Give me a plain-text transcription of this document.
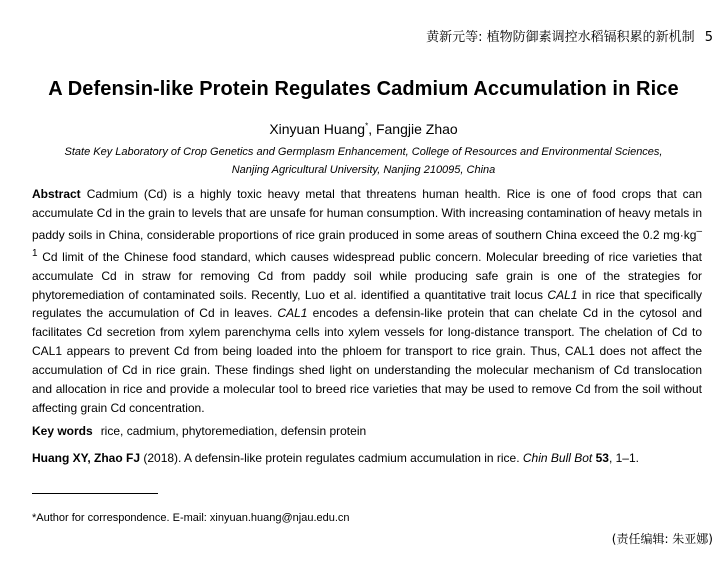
黄新元等: 植物防御素调控水稻镉积累的新机制 5
A Defensin-like Protein Regulates Cadmium Accumulation in Rice
Xinyuan Huang*, Fangjie Zhao
State Key Laboratory of Crop Genetics and Germplasm Enhancement, College of Resources and Environmental Sciences,
Nanjing Agricultural University, Nanjing 210095, China
Abstract Cadmium (Cd) is a highly toxic heavy metal that threatens human health. Rice is one of food crops that can accumulate Cd in the grain to levels that are unsafe for human consumption. With increasing contamination of heavy metals in paddy soils in China, considerable proportions of rice grain produced in some areas of southern China exceed the 0.2 $mg\cdot kg^{-1}$ Cd limit of the Chinese food standard, which causes widespread public concern. Molecular breeding of rice varieties that accumulate Cd in straw for removing Cd from paddy soil while producing safe grain is one of the strategies for phytoremediation of contaminated soils. Recently, Luo et al. identified a quantitative trait locus CAL1 in rice that specifically regulates the accumulation of Cd in leaves. CAL1 encodes a defensin-like protein that can chelate Cd in the cytosol and facilitates Cd secretion from xylem parenchyma cells into xylem vessels for long-distance transport. The chelation of Cd to CAL1 appears to prevent Cd from being loaded into the phloem for transport to rice grain. Thus, CAL1 does not affect the accumulation of Cd in rice grain. These findings shed light on understanding the molecular mechanism of Cd translocation and allocation in rice and provide a molecular tool to breed rice varieties that may be used to remove Cd from the soil without affecting grain Cd concentration.
Key words rice, cadmium, phytoremediation, defensin protein
Huang XY, Zhao FJ (2018). A defensin-like protein regulates cadmium accumulation in rice. Chin Bull Bot 53, 1–1.
*Author for correspondence. E-mail: xinyuan.huang@njau.edu.cn
(责任编辑: 朱亚娜)
